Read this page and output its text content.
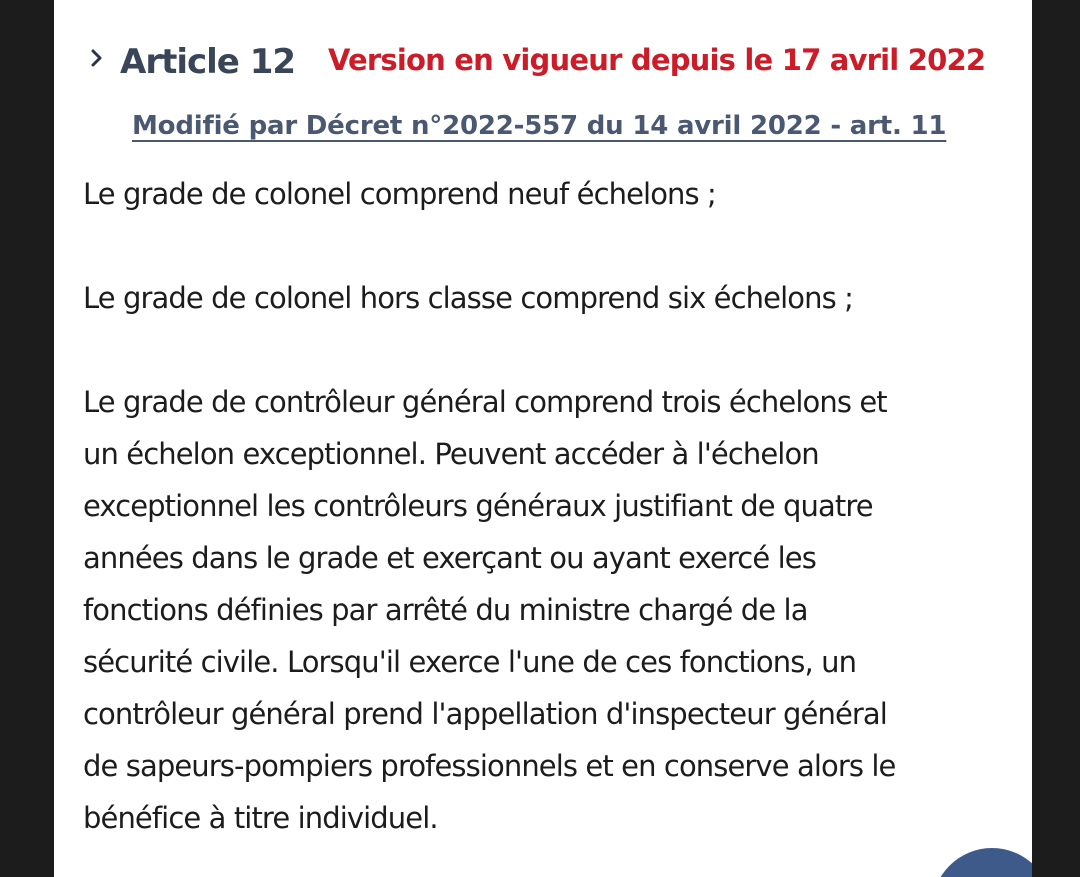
Article 12 Version en vigueur depuis le 17 avril 2022
Modifié par Décret n°2022-557 du 14 avril 2022 - art. 11

Le grade de colonel comprend neuf échelons ;

Le grade de colonel hors classe comprend six échelons ;

Le grade de contrôleur général comprend trois échelons et
un échelon exceptionnel. Peuvent accéder à l'échelon
exceptionnel les contrôleurs généraux justifiant de quatre
années dans le grade et exerçant ou ayant exercé les
fonctions définies par arrêté du ministre chargé de la
sécurité civile. Lorsqu'il exerce l'une de ces fonctions, un
contrôleur général prend l'appellation d'inspecteur général
de sapeurs-pompiers professionnels et en conserve alors le
bénéfice à titre individuel.
